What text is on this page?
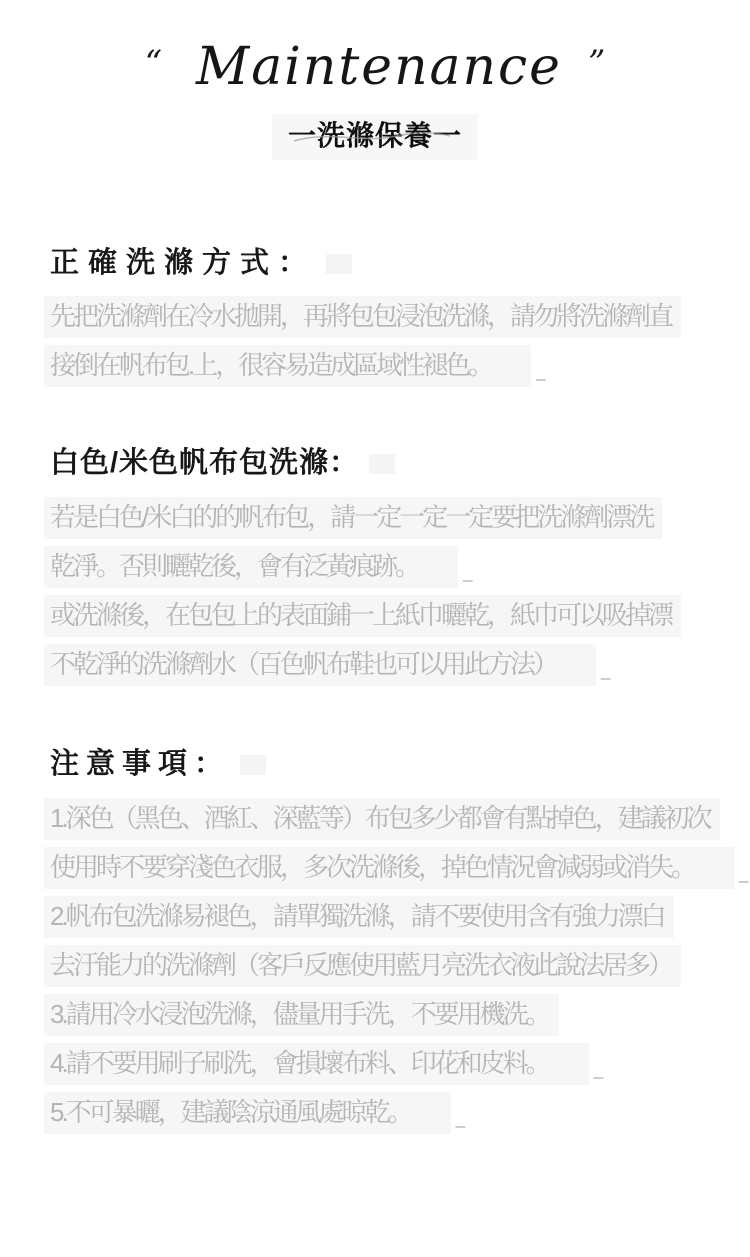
“ Maintenance ”
一洗滌保養一
正確洗滌方式：
先把洗滌劑在冷水拋開，再將包包浸泡洗滌，請勿將洗滌劑直
接倒在帆布包.上，很容易造成區域性褪色。	_
白色/米色帆布包洗滌：
若是白色/米白的的帆布包，請一定一定一定要把洗滌劑漂洗
乾淨。否則曬乾後，會有泛黃痕跡。	_
或洗滌後，在包包上的表面鋪一上紙巾曬乾，紙巾可以吸掉漂
不乾淨的洗滌劑水（百色帆布鞋也可以用此方法）	_
注意事項：
1.深色（黑色、酒紅、深藍等）布包多少都會有點掉色，建議初次
使用時不要穿淺色衣服，多次洗滌後，掉色情況會減弱或消失。	_
2.帆布包洗滌易褪色，請單獨洗滌，請不要使用含有強力漂白
去汙能力的洗滌劑（客戶反應使用藍月亮洗衣液此說法居多）
3.請用冷水浸泡洗滌，儘量用手洗，不要用機洗。
4.請不要用刷子刷洗，會損壞布料、印花和皮料。	_
5.不可暴曬，建議陰涼通風處晾乾。	_
